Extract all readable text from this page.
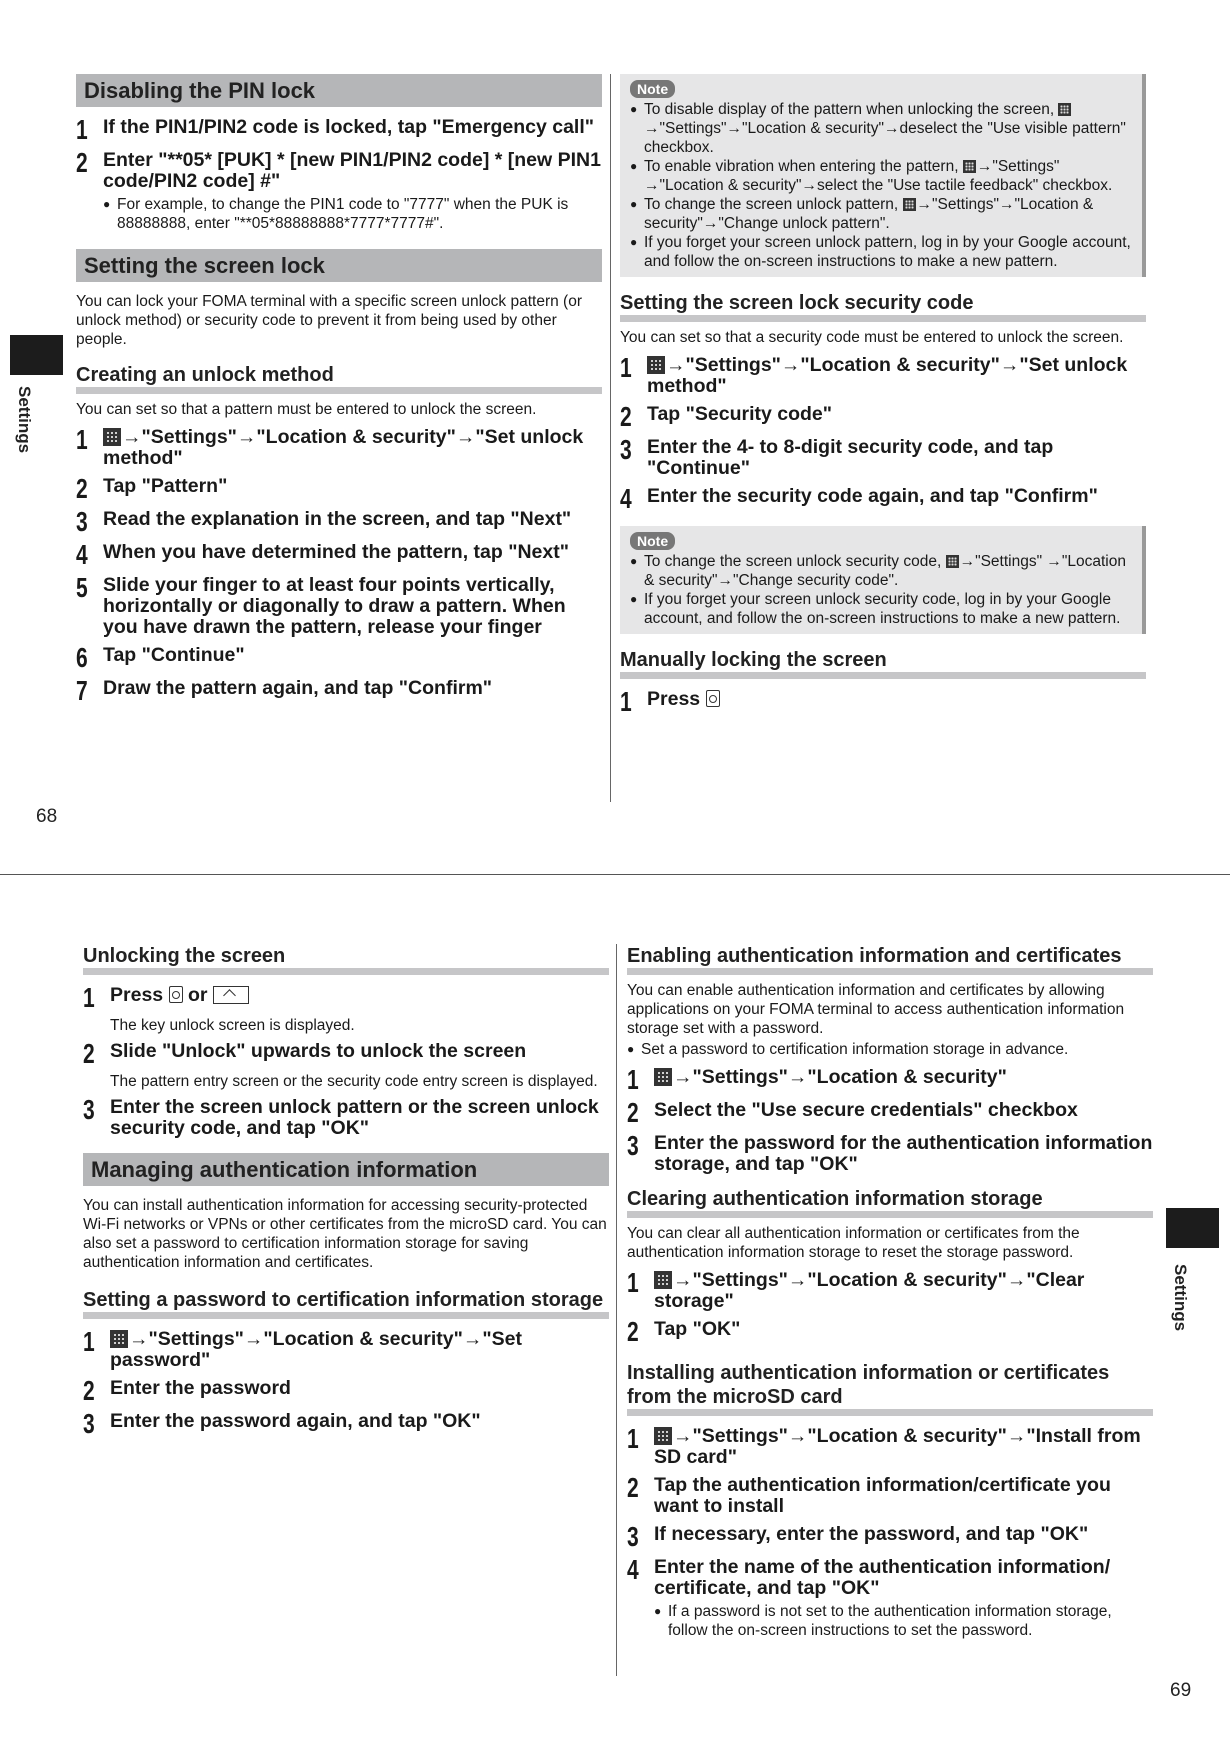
Settings
68
Disabling the PIN lock
1 If the PIN1/PIN2 code is locked, tap "Emergency call"
2 Enter "**05* [PUK] * [new PIN1/PIN2 code] * [new PIN1 code/PIN2 code] #"
● For example, to change the PIN1 code to "7777" when the PUK is 88888888, enter "**05*88888888*7777*7777#".
Setting the screen lock

You can lock your FOMA terminal with a specific screen unlock pattern (or unlock method) or security code to prevent it from being used by other people.

Creating an unlock method

You can set so that a pattern must be entered to unlock the screen.

1	→"Settings"→"Location & security"→"Set unlock method"
2 Tap "Pattern"
3 Read the explanation in the screen, and tap "Next"
4 When you have determined the pattern, tap "Next"
5 Slide your finger to at least four points vertically, horizontally or diagonally to draw a pattern. When you have drawn the pattern, release your finger
6 Tap "Continue"
7 Draw the pattern again, and tap "Confirm"
Note
● To disable display of the pattern when unlocking the screen, →"Settings"→"Location & security"→deselect the "Use visible pattern" checkbox.
● To enable vibration when entering the pattern, →"Settings" →"Location & security"→select the "Use tactile feedback" checkbox.
● To change the screen unlock pattern, →"Settings"→"Location & security"→"Change unlock pattern".
● If you forget your screen unlock pattern, log in by your Google account, and follow the on-screen instructions to make a new pattern.
Setting the screen lock security code

You can set so that a security code must be entered to unlock the screen.

1	→"Settings"→"Location & security"→"Set unlock method"
2 Tap "Security code"
3 Enter the 4- to 8-digit security code, and tap "Continue"
4 Enter the security code again, and tap "Confirm"
Note
● To change the screen unlock security code, →"Settings" →"Location & security"→"Change security code".
● If you forget your screen unlock security code, log in by your Google account, and follow the on-screen instructions to make a new pattern.
Manually locking the screen
1 Press
Settings
69
Unlocking the screen
1 Press or

The key unlock screen is displayed.

2 Slide "Unlock" upwards to unlock the screen

The pattern entry screen or the security code entry screen is displayed.

3 Enter the screen unlock pattern or the screen unlock security code, and tap "OK"
Managing authentication information

You can install authentication information for accessing security-protected Wi-Fi networks or VPNs or other certificates from the microSD card. You can also set a password to certification information storage for saving authentication information and certificates.

Setting a password to certification information storage
1	→"Settings"→"Location & security"→"Set password"
2 Enter the password
3 Enter the password again, and tap "OK"
Enabling authentication information and certificates

You can enable authentication information and certificates by allowing applications on your FOMA terminal to access authentication information storage set with a password.

● Set a password to certification information storage in advance.
1	→"Settings"→"Location & security"
2 Select the "Use secure credentials" checkbox
3 Enter the password for the authentication information storage, and tap "OK"
Clearing authentication information storage

You can clear all authentication information or certificates from the authentication information storage to reset the storage password.

1	→"Settings"→"Location & security"→"Clear storage"
2 Tap "OK"
Installing authentication information or certificates from the microSD card
1	→"Settings"→"Location & security"→"Install from SD card"
2 Tap the authentication information/certificate you want to install
3 If necessary, enter the password, and tap "OK"
4 Enter the name of the authentication information/ certificate, and tap "OK"
● If a password is not set to the authentication information storage, follow the on-screen instructions to set the password.
